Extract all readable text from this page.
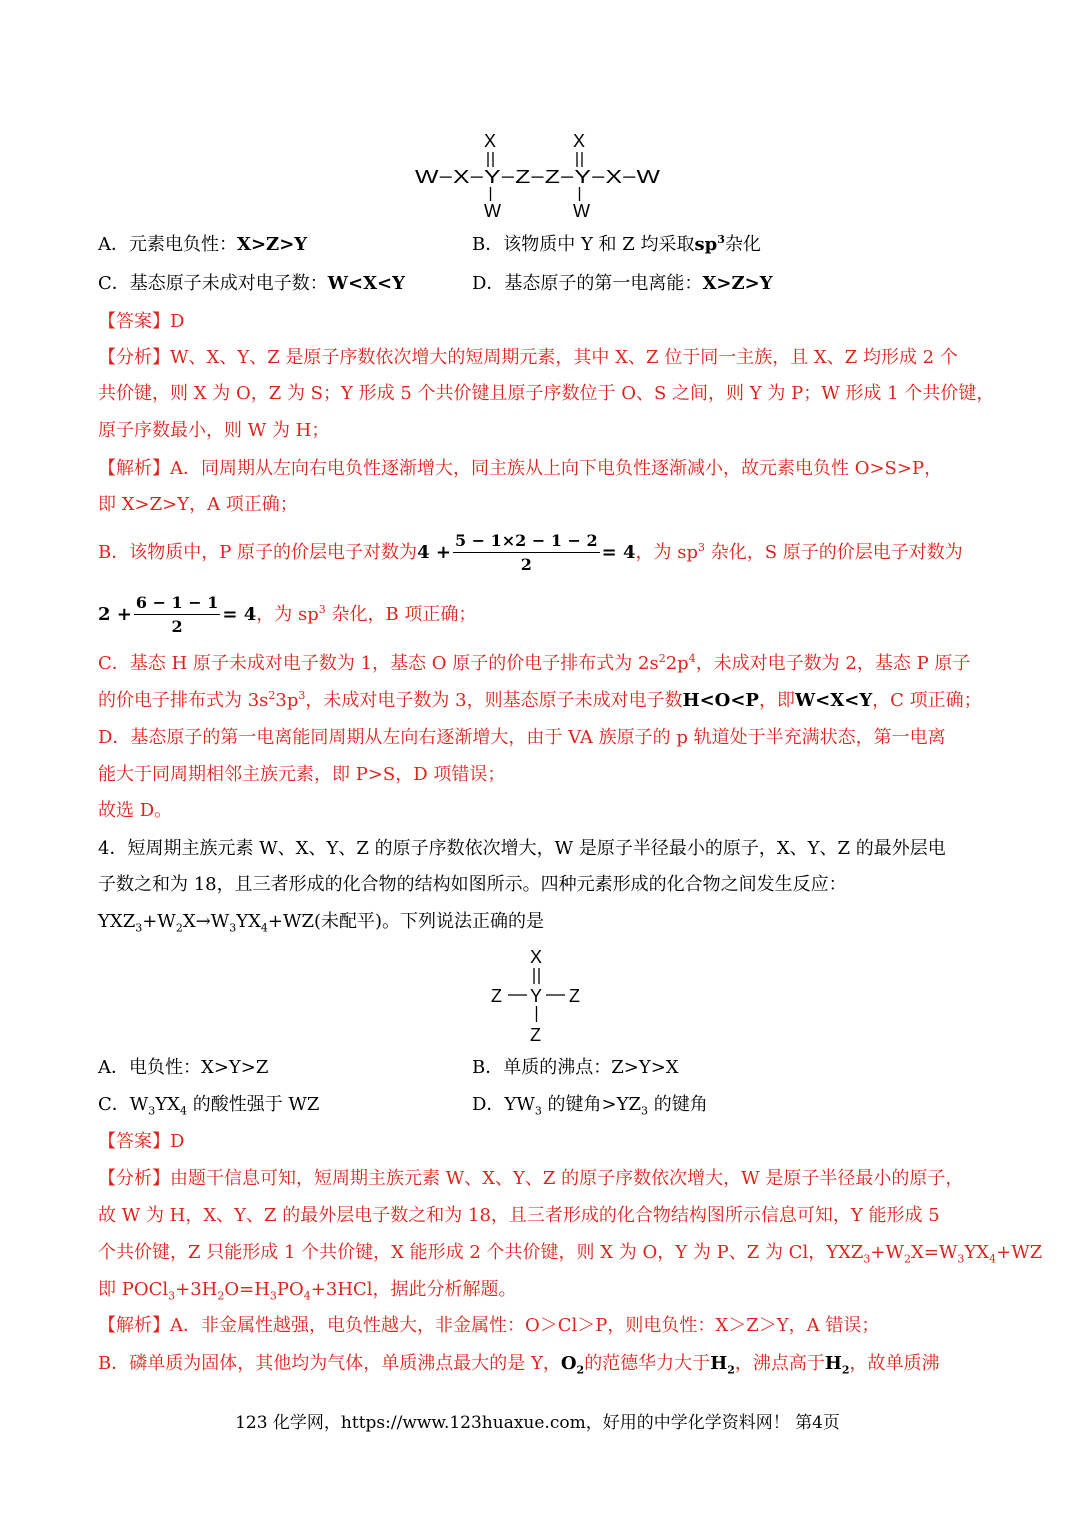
X	X
W−X−Y−Z−Z−Y−X−W
W	W
A．元素电负性：X>Z>Y	B．该物质中 Y 和 Z 均采取$sp^3$杂化
C．基态原子未成对电子数：W<X<Y	D．基态原子的第一电离能：X>Z>Y
【答案】D
【分析】W、X、Y、Z 是原子序数依次增大的短周期元素，其中 X、Z 位于同一主族，且 X、Z 均形成 2 个
共价键，则 X 为 O，Z 为 S；Y 形成 5 个共价键且原子序数位于 O、S 之间，则 Y 为 P；W 形成 1 个共价键，
原子序数最小，则 W 为 H；
【解析】A．同周期从左向右电负性逐渐增大，同主族从上向下电负性逐渐减小，故元素电负性 O>S>P，
即 X>Z>Y，A 项正确；
B．该物质中，P 原子的价层电子对数为$4 + \frac{5 - 1\times 2 - 1 - 2}{2} = 4$，为 $sp^3$ 杂化，S 原子的价层电子对数为
$2 + \frac{6 - 1 - 1}{2} = 4$，为 $sp^3$ 杂化，B 项正确；
C．基态 H 原子未成对电子数为 1，基态 O 原子的价电子排布式为 $2s^22p^4$，未成对电子数为 2，基态 P 原子
的价电子排布式为 $3s^23p^3$，未成对电子数为 3，则基态原子未成对电子数H<O<P，即W<X<Y，C 项正确；
D．基态原子的第一电离能同周期从左向右逐渐增大，由于 VA 族原子的 p 轨道处于半充满状态，第一电离
能大于同周期相邻主族元素，即 P>S，D 项错误；
故选 D。
4．短周期主族元素 W、X、Y、Z 的原子序数依次增大，W 是原子半径最小的原子，X、Y、Z 的最外层电
子数之和为 18，且三者形成的化合物的结构如图所示。四种元素形成的化合物之间发生反应：
$YXZ_3+W_2X\to W_3YX_4+WZ$(未配平)。下列说法正确的是
X
Z Y Z
Z
A．电负性：X>Y>Z	B．单质的沸点：Z>Y>X
C．$W_3YX_4$ 的酸性强于 WZ	D．$YW_3$ 的键角$>YZ_3$ 的键角
【答案】D
【分析】由题干信息可知，短周期主族元素 W、X、Y、Z 的原子序数依次增大，W 是原子半径最小的原子，
故 W 为 H，X、Y、Z 的最外层电子数之和为 18，且三者形成的化合物结构图所示信息可知，Y 能形成 5
个共价键，Z 只能形成 1 个共价键，X 能形成 2 个共价键，则 X 为 O，Y 为 P、Z 为 Cl，$YXZ_3+W_2X=W_3YX_4+WZ$
即 $POCl_3+3H_2O=H_3PO_4+3HCl$，据此分析解题。
【解析】A．非金属性越强，电负性越大，非金属性：O＞Cl＞P，则电负性：X＞Z＞Y，A 错误；
B．磷单质为固体，其他均为气体，单质沸点最大的是 Y，$O_2$的范德华力大于$H_2$，沸点高于$H_2$，故单质沸
123 化学网，https://www.123huaxue.com，好用的中学化学资料网！ 第4页
